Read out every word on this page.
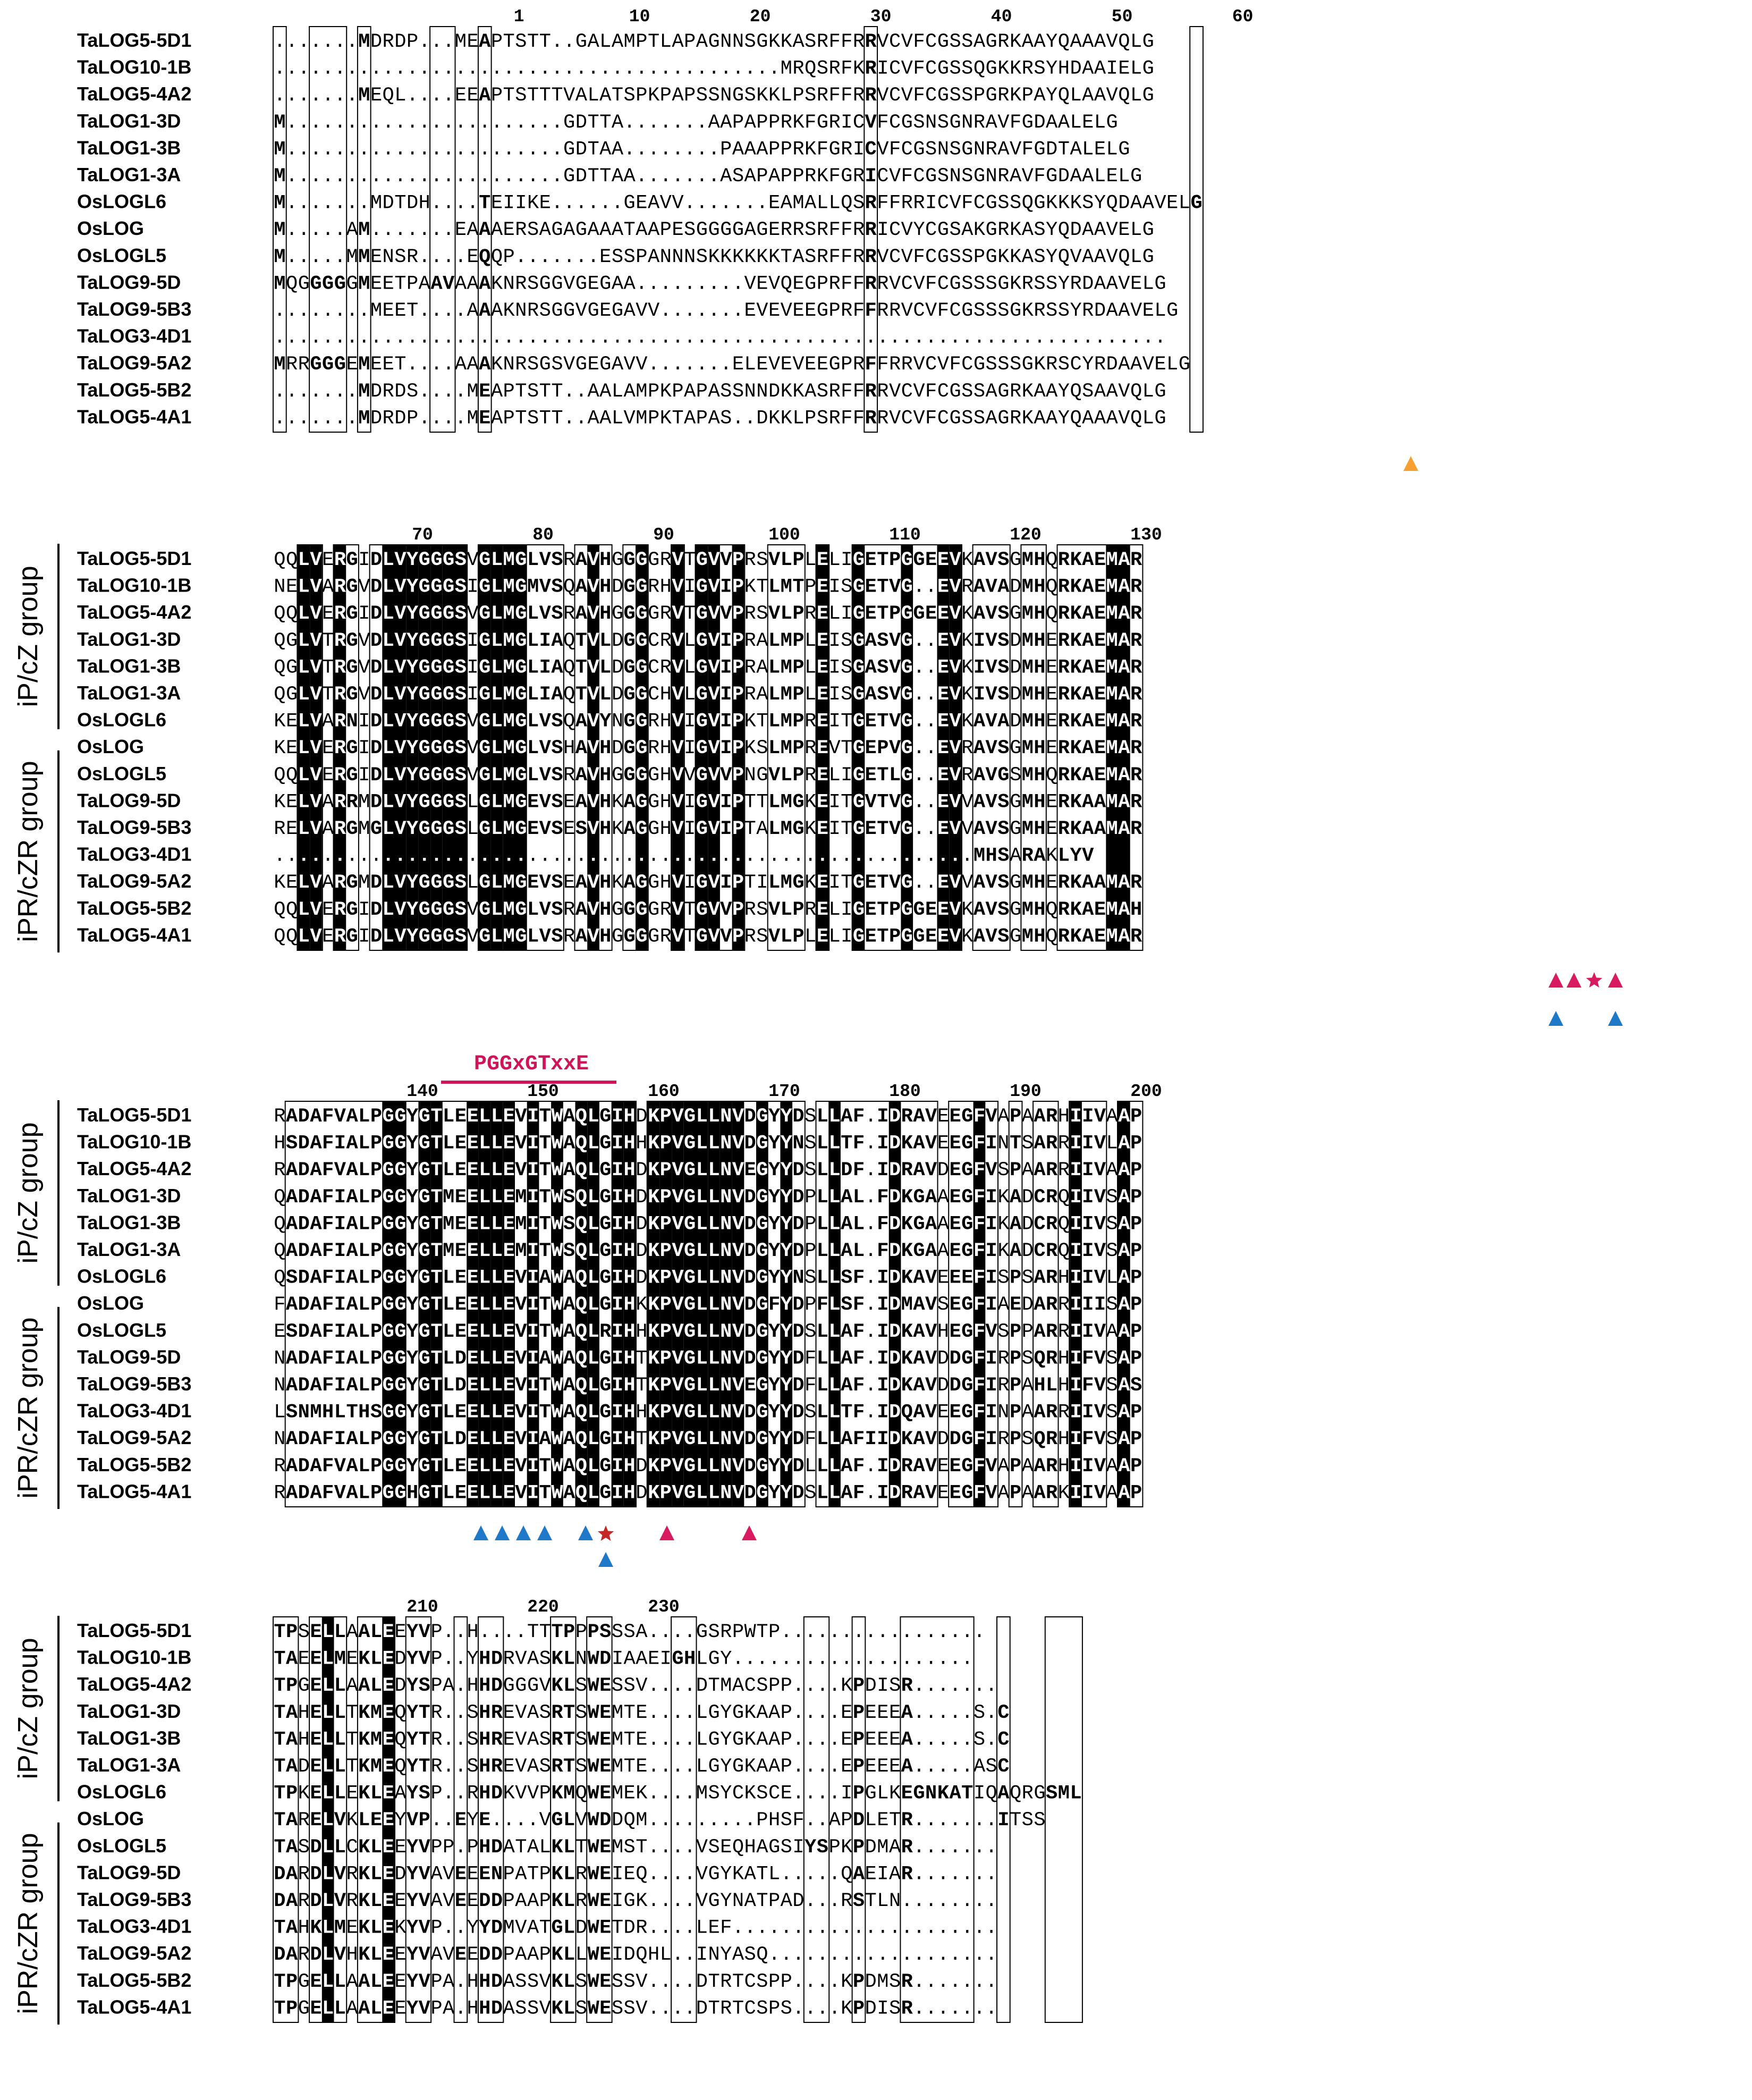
1	10	20	30	40	50	60
TaLOG5-5D1	. . . . . . . M D R D P . . . M E A P T S T T . . G A L A M P T L A P A G N N S G K K A S R F F R R V C V F C G S S A G R K A A Y Q A A A V Q L G
TaLOG10-1B	. . . . . . . . . . . . . . . . . . . . . . . . . . . . . . . . . . . . . . . . . . M R Q S R F K R I C V F C G S S Q G K K R S Y H D A A I E L G
TaLOG5-4A2	. . . . . . . M E Q L . . . . E E A P T S T T T V A L A T S P K P A P S S N G S K K L P S R F F R R V C V F C G S S P G R K P A Y Q L A A V Q L G
TaLOG1-3D	M . . . . . . . . . . . . . . . . . . . . . . . G D T T A . . . . . . . A A P A P P R K F G R I C V F C G S N S G N R A V F G D A A L E L G
TaLOG1-3B	M . . . . . . . . . . . . . . . . . . . . . . . G D T A A . . . . . . . . P A A A P P R K F G R I C V F C G S N S G N R A V F G D T A L E L G
TaLOG1-3A	M . . . . . . . . . . . . . . . . . . . . . . . G D T T A A . . . . . . . A S A P A P P R K F G R I C V F C G S N S G N R A V F G D A A L E L G
OsLOGL6	M . . . . . . . M D T D H . . . . T E I I K E . . . . . . G E A V V . . . . . . . E A M A L L Q S R F F R R I C V F C G S S Q G K K K S Y Q D A A V E L G
OsLOG	M . . . . . A M . . . . . . . E A A A E R S A G A G A A A T A A P E S G G G G A G E R R S R F F R R I C V Y C G S A K G R K A S Y Q D A A V E L G
OsLOGL5	M . . . . . M M E N S R . . . . E Q Q P . . . . . . . E S S P A N N N S K K K K K K T A S R F F R R V C V F C G S S P G K K A S Y Q V A A V Q L G
TaLOG9-5D	M Q G G G G G M E E T P A A V A A A K N R S G G V G E G A A . . . . . . . . . V E V Q E G P R F F R R V C V F C G S S S G K R S S Y R D A A V E L G
TaLOG9-5B3	. . . . . . . . M E E T . . . . A A A K N R S G G V G E G A V V . . . . . . . E V E V E E G P R F F R R V C V F C G S S S G K R S S Y R D A A V E L G
TaLOG3-4D1	. . . . . . . . . . . . . . . . . . . . . . . . . . . . . . . . . . . . . . . . . . . . . . . . . . . . . . . . . . . . . . . . . . . . . . . . . .
TaLOG9-5A2	M R R G G G E M E E T . . . . A A A K N R S G S V G E G A V V . . . . . . . E L E V E V E E G P R F F R R V C V F C G S S S G K R S C Y R D A A V E L G
TaLOG5-5B2	. . . . . . . M D R D S . . . . M E A P T S T T . . A A L A M P K P A P A S S N N D K K A S R F F R R V C V F C G S S A G R K A A Y Q S A A V Q L G
TaLOG5-4A1	. . . . . . . M D R D P . . . . M E A P T S T T . . A A L V M P K T A P A S . . D K K L P S R F F R R V C V F C G S S A G R K A A Y Q A A A V Q L G
70	80	90	100	110	120	130
TaLOG5-5D1	Q Q L V E R G I D L V Y G G G S V G L M G L V S R A V H G G G G R V T G V V P R S V L P L E L I G E T P G G E E V K A V S G M H Q R K A E M A R
TaLOG10-1B	N E L V A R G V D L V Y G G G S I G L M G M V S Q A V H D G G R H V I G V I P K T L M T P E I S G E T V G . . E V R A V A D M H Q R K A E M A R
TaLOG5-4A2	Q Q L V E R G I D L V Y G G G S V G L M G L V S R A V H G G G G R V T G V V P R S V L P R E L I G E T P G G E E V K A V S G M H Q R K A E M A R
TaLOG1-3D	Q G L V T R G V D L V Y G G G S I G L M G L I A Q T V L D G G C R V L G V I P R A L M P L E I S G A S V G . . E V K I V S D M H E R K A E M A R
TaLOG1-3B	Q G L V T R G V D L V Y G G G S I G L M G L I A Q T V L D G G C R V L G V I P R A L M P L E I S G A S V G . . E V K I V S D M H E R K A E M A R
TaLOG1-3A	Q G L V T R G V D L V Y G G G S I G L M G L I A Q T V L D G G C H V L G V I P R A L M P L E I S G A S V G . . E V K I V S D M H E R K A E M A R
OsLOGL6	K E L V A R N I D L V Y G G G S V G L M G L V S Q A V Y N G G R H V I G V I P K T L M P R E I T G E T V G . . E V K A V A D M H E R K A E M A R
OsLOG	K E L V E R G I D L V Y G G G S V G L M G L V S H A V H D G G R H V I G V I P K S L M P R E V T G E P V G . . E V R A V S G M H E R K A E M A R
OsLOGL5	Q Q L V E R G I D L V Y G G G S V G L M G L V S R A V H G G G G H V V G V V P N G V L P R E L I G E T L G . . E V R A V G S M H Q R K A E M A R
TaLOG9-5D	K E L V A R R M D L V Y G G G S L G L M G E V S E A V H K A G G H V I G V I P T T L M G K E I T G V T V G . . E V V A V S G M H E R K A A M A R
TaLOG9-5B3	R E L V A R G M G L V Y G G G S L G L M G E V S E S V H K A G G H V I G V I P T A L M G K E I T G E T V G . . E V V A V S G M H E R K A A M A R
TaLOG3-4D1	. . . . . . . . . . . . . . . . . . . . . . . . . . . . . . . . . . . . . . . . . . . . . . . . . . . . . . . . . . M H S A R A K L Y V
TaLOG9-5A2	K E L V A R G M D L V Y G G G S L G L M G E V S E A V H K A G G H V I G V I P T I L M G K E I T G E T V G . . E V V A V S G M H E R K A A M A R
TaLOG5-5B2	Q Q L V E R G I D L V Y G G G S V G L M G L V S R A V H G G G G R V T G V V P R S V L P R E L I G E T P G G E E V K A V S G M H Q R K A E M A H
TaLOG5-4A1	Q Q L V E R G I D L V Y G G G S V G L M G L V S R A V H G G G G R V T G V V P R S V L P L E L I G E T P G G E E V K A V S G M H Q R K A E M A R
140	150	160	170	180	190	200
TaLOG5-5D1	R A D A F V A L P G G Y G T L E E L L E V I T W A Q L G I H D K P V G L L N V D G Y Y D S L L A F . I D R A V E E G F V A P A A R H I I V A A P
TaLOG10-1B	H S D A F I A L P G G Y G T L E E L L E V I T W A Q L G I H H K P V G L L N V D G Y Y N S L L T F . I D K A V E E G F I N T S A R R I I V L A P
TaLOG5-4A2	R A D A F V A L P G G Y G T L E E L L E V I T W A Q L G I H D K P V G L L N V E G Y Y D S L L D F . I D R A V D E G F V S P A A R R I I V A A P
TaLOG1-3D	Q A D A F I A L P G G Y G T M E E L L E M I T W S Q L G I H D K P V G L L N V D G Y Y D P L L A L . F D K G A A E G F I K A D C R Q I I V S A P
TaLOG1-3B	Q A D A F I A L P G G Y G T M E E L L E M I T W S Q L G I H D K P V G L L N V D G Y Y D P L L A L . F D K G A A E G F I K A D C R Q I I V S A P
TaLOG1-3A	Q A D A F I A L P G G Y G T M E E L L E M I T W S Q L G I H D K P V G L L N V D G Y Y D P L L A L . F D K G A A E G F I K A D C R Q I I V S A P
OsLOGL6	Q S D A F I A L P G G Y G T L E E L L E V I A W A Q L G I H D K P V G L L N V D G Y Y N S L L S F . I D K A V E E E F I S P S A R H I I V L A P
OsLOG	F A D A F I A L P G G Y G T L E E L L E V I T W A Q L G I H K K P V G L L N V D G F Y D P F L S F . I D M A V S E G F I A E D A R R I I I S A P
OsLOGL5	E S D A F I A L P G G Y G T L E E L L E V I T W A Q L R I H H K P V G L L N V D G Y Y D S L L A F . I D K A V H E G F V S P P A R R I I V A A P
TaLOG9-5D	N A D A F I A L P G G Y G T L D E L L E V I A W A Q L G I H T K P V G L L N V D G Y Y D F L L A F . I D K A V D D G F I R P S Q R H I F V S A P
TaLOG9-5B3	N A D A F I A L P G G Y G T L D E L L E V I T W A Q L G I H T K P V G L L N V E G Y Y D F L L A F . I D K A V D D G F I R P A H L H I F V S A S
TaLOG3-4D1	L S N M H L T H S G G Y G T L E E L L E V I T W A Q L G I H H K P V G L L N V D G Y Y D S L L T F . I D Q A V E E G F I N P A A R R I I V S A P
TaLOG9-5A2	N A D A F I A L P G G Y G T L D E L L E V I A W A Q L G I H T K P V G L L N V D G Y Y D F L L A F I I D K A V D D G F I R P S Q R H I F V S A P
TaLOG5-5B2	R A D A F V A L P G G Y G T L E E L L E V I T W A Q L G I H D K P V G L L N V D G Y Y D L L L A F . I D R A V E E G F V A P A A R H I I V A A P
TaLOG5-4A1	R A D A F V A L P G G H G T L E E L L E V I T W A Q L G I H D K P V G L L N V D G Y Y D S L L A F . I D R A V E E G F V A P A A R K I I V A A P
210	220	230
TaLOG5-5D1	T P S E L L A A L E E Y V P . . H . . . . T T T P P P S S S A . . . . G S R P W T P . . . . . . . . . . . . . . . . .
TaLOG10-1B	T A E E L M E K L E D Y V P . . Y H D R V A S K L N W D I A A E I G H L G Y . . . . . . . . . . . . . . . . . . . .
TaLOG5-4A2	T P G E L L A A L E D Y S P A . H H D G G G V K L S W E S S V . . . . D T M A C S P P . . . . K P D I S R . . . . . . .
TaLOG1-3D	T A H E L L T K M E Q Y T R . . S H R E V A S R T S W E M T E . . . . L G Y G K A A P . . . . E P E E E A . . . . . S . C
TaLOG1-3B	T A H E L L T K M E Q Y T R . . S H R E V A S R T S W E M T E . . . . L G Y G K A A P . . . . E P E E E A . . . . . S . C
TaLOG1-3A	T A D E L L T K M E Q Y T R . . S H R E V A S R T S W E M T E . . . . L G Y G K A A P . . . . E P E E E A . . . . . A S C
OsLOGL6	T P K E L L E K L E A Y S P . . R H D K V V P K M Q W E M E K . . . . M S Y C K S C E . . . . I P G L K E G N K A T I Q A Q R G S M L
OsLOG	T A R E L V K L E E Y V P . . E Y E . . . . V G L V W D D Q M . . . . . . . . . P H S F . . A P D L E T R . . . . . . . I T S S
OsLOGL5	T A S D L L C K L E E Y V P P . P H D A T A L K L T W E M S T . . . . V S E Q H A G S I Y S P K P D M A R . . . . . . .
TaLOG9-5D	D A R D L V R K L E D Y V A V E E E N P A T P K L R W E I E Q . . . . V G Y K A T L . . . . . Q A E I A R . . . . . . .
TaLOG9-5B3	D A R D L V R K L E E Y V A V E E D D P A A P K L R W E I G K . . . . V G Y N A T P A D . . . R S T L N . . . . . . . .
TaLOG3-4D1	T A H K L M E K L E K Y V P . . Y Y D M V A T G L D W E T D R . . . . L E F . . . . . . . . . . . . . . . . . . . . . .
TaLOG9-5A2	D A R D L V H K L E E Y V A V E E D D P A A P K L L W E I D Q H L . . I N Y A S Q . . . . . . . . . . . . . . . . . . .
TaLOG5-5B2	T P G E L L A A L E E Y V P A . H H D A S S V K L S W E S S V . . . . D T R T C S P P . . . . K P D M S R . . . . . . .
TaLOG5-4A1	T P G E L L A A L E E Y V P A . H H D A S S V K L S W E S S V . . . . D T R T C S P S . . . . K P D I S R . . . . . . .
iP/cZ group
iPR/cZR group
iP/cZ group
iPR/cZR group
iP/cZ group
iPR/cZR group
PGGxGTxxE
